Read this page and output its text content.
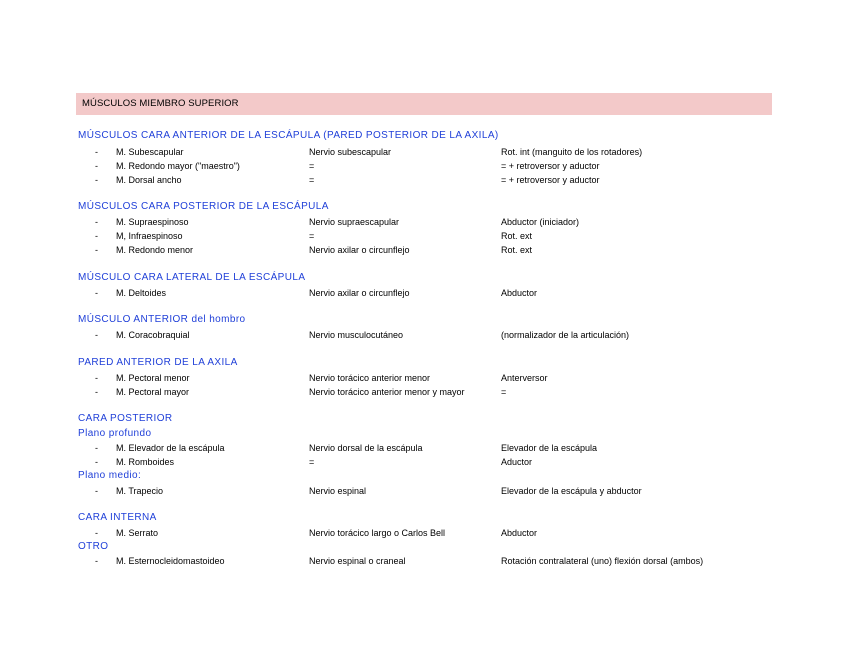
MÚSCULOS MIEMBRO SUPERIOR
MÚSCULOS CARA ANTERIOR DE LA ESCÁPULA (PARED POSTERIOR DE LA AXILA)
- M. Subescapular	Nervio subescapular	Rot. int (manguito de los rotadores)
- M. Redondo mayor ("maestro")	=	= + retroversor y aductor
- M. Dorsal ancho	=	= + retroversor y aductor
MÚSCULOS CARA POSTERIOR DE LA ESCÁPULA
- M. Supraespinoso	Nervio supraescapular	Abductor (iniciador)
- M, Infraespinoso	=	Rot. ext
- M. Redondo menor	Nervio axilar o circunflejo	Rot. ext
MÚSCULO CARA LATERAL DE LA ESCÁPULA
- M. Deltoides	Nervio axilar o circunflejo	Abductor
MÚSCULO ANTERIOR del hombro
- M. Coracobraquial	Nervio musculocutáneo	(normalizador de la articulación)
PARED ANTERIOR DE LA AXILA
- M. Pectoral menor	Nervio torácico anterior menor	Anterversor
- M. Pectoral mayor	Nervio torácico anterior menor y mayor	=
CARA POSTERIOR
Plano profundo
- M. Elevador de la escápula	Nervio dorsal de la escápula	Elevador de la escápula
- M. Romboides	=	Aductor
Plano medio:
- M. Trapecio	Nervio espinal	Elevador de la escápula y abductor
CARA INTERNA
- M. Serrato	Nervio torácico largo o Carlos Bell	Abductor
OTRO
- M. Esternocleidomastoideo	Nervio espinal o craneal	Rotación contralateral (uno) flexión dorsal (ambos)
